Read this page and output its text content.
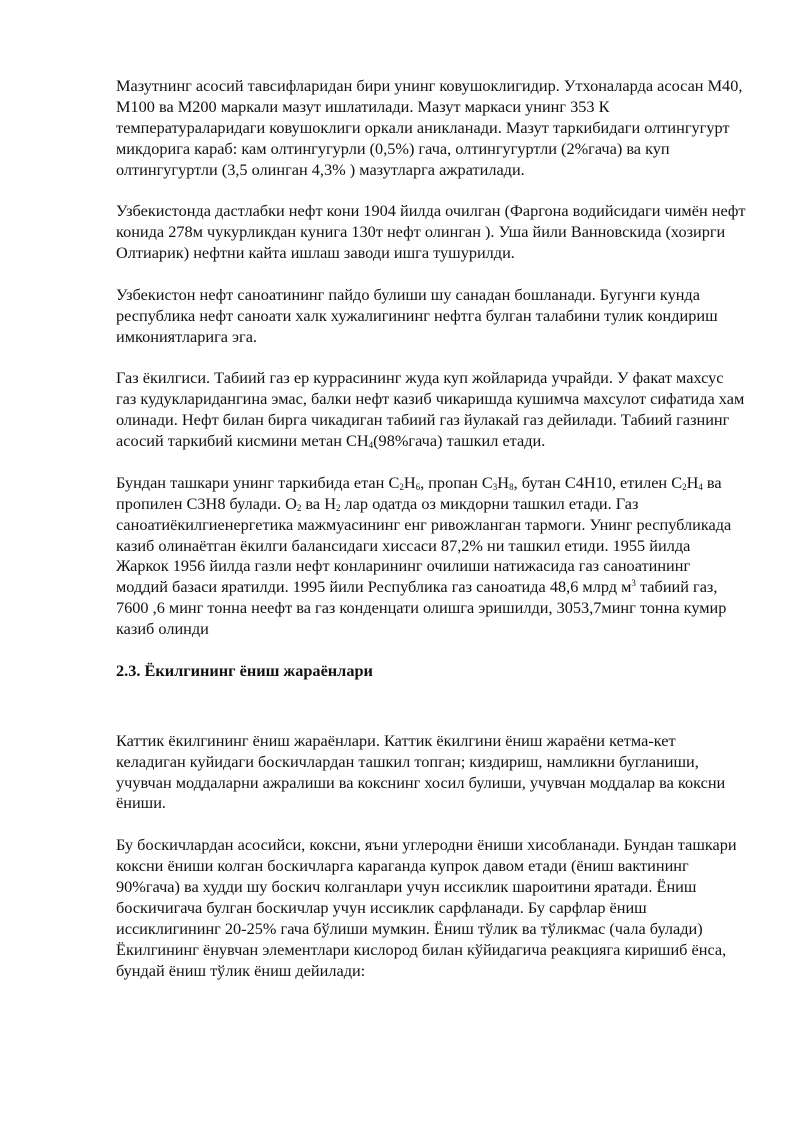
Мазутнинг асосий тавсифларидан бири унинг ковушоклигидир. Утхоналарда асосан М40, М100 ва М200 маркали мазут ишлатилади. Мазут маркаси унинг 353 К температураларидаги ковушоклиги оркали аникланади. Мазут таркибидаги олтингугурт микдорига караб: кам олтингугурли (0,5%) гача, олтингугуртли (2%гача) ва куп олтингугуртли (3,5 олинган 4,3% ) мазутларга ажратилади.

Узбекистонда дастлабки нефт кони 1904 йилда очилган (Фаргона водийсидаги чимён нефт конида 278м чукурликдан кунига 130т нефт олинган ). Уша йили Ванновскида (хозирги Олтиарик) нефтни кайта ишлаш заводи ишга тушурилди.

Узбекистон нефт саноатининг пайдо булиши шу санадан бошланади. Бугунги кунда республика нефт саноати халк хужалигининг нефтга булган талабини тулик кондириш имкониятларига эга.

Газ ёкилгиси. Табиий газ ер куррасининг жуда куп жойларида учрайди. У факат махсус газ кудукларидангина эмас, балки нефт казиб чикаришда кушимча махсулот сифатида хам олинади. Нефт билан бирга чикадиган табиий газ йулакай газ дейилади. Табиий газнинг асосий таркибий кисмини метан $CH_4(98\%гача)$ ташкил етади.

Бундан ташкари унинг таркибида етан $C_2H_6$, пропан $C_3H_8$, бутан C4H10, етилен $C_2H_4$ ва пропилен C3H8 булади. $O_2$ ва $H_2$ лар одатда оз микдорни ташкил етади. Газ саноатиёкилгиенергетика мажмуасининг енг ривожланган тармоги. Унинг республикада казиб олинаётган ёкилги балансидаги хиссаси 87,2% ни ташкил етиди. 1955 йилда Жаркок 1956 йилда газли нефт конларининг очилиши натижасида газ саноатининг моддий базаси яратилди. 1995 йили Республика газ саноатида 48,6 млрд $м^3$ табиий газ, 7600 ,6 минг тонна неефт ва газ конденцати олишга эришилди, 3053,7минг тонна кумир казиб олинди

2.3. Ёкилгининг ёниш жараёнлари

Каттик ёкилгининг ёниш жараёнлари. Каттик ёкилгини ёниш жараёни кетма-кет келадиган куйидаги боскичлардан ташкил топган; киздириш, намликни бугланиши, учувчан моддаларни ажралиши ва кокснинг хосил булиши, учувчан моддалар ва коксни ёниши.

Бу боскичлардан асосийси, коксни, яъни углеродни ёниши хисобланади. Бундан ташкари коксни ёниши колган боскичларга караганда купрок давом етади (ёниш вактининг 90%гача) ва худди шу боскич колганлари учун иссиклик шароитини яратади. Ёниш боскичигача булган боскичлар учун иссиклик сарфланади. Бу сарфлар ёниш иссиклигининг 20-25% гача бўлиши мумкин. Ёниш тўлик ва тўликмас (чала булади) Ёкилгининг ёнувчан элементлари кислород билан кўйидагича реакцияга киришиб ёнса, бундай ёниш тўлик ёниш дейилади:
